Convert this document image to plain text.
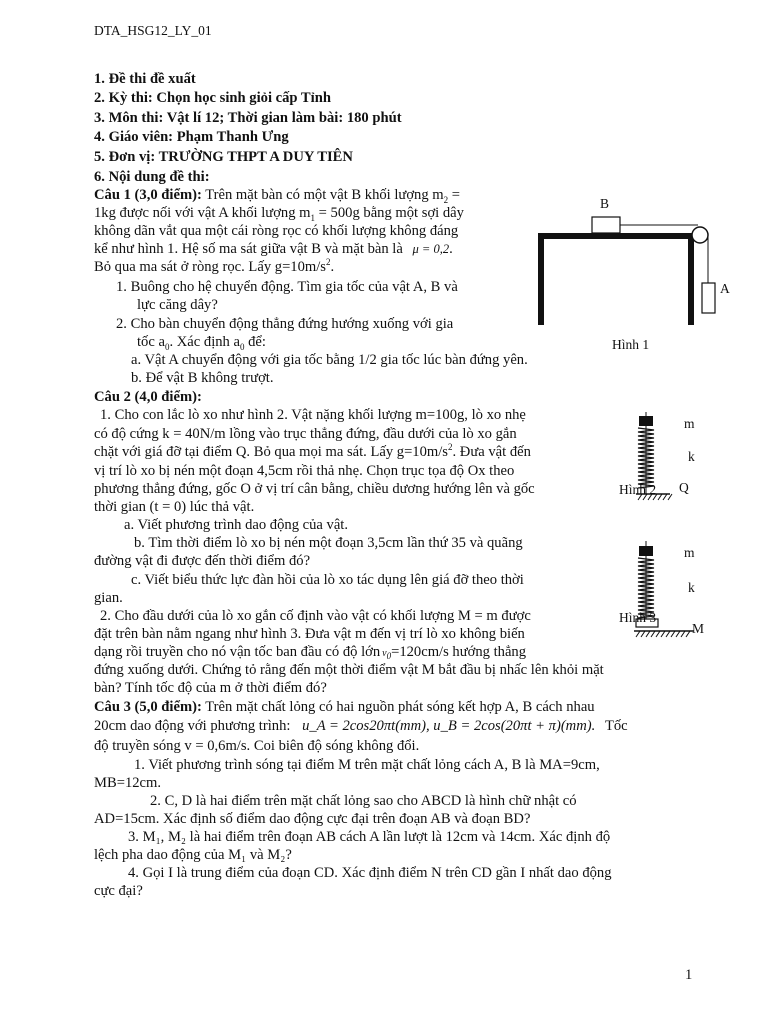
DTA_HSG12_LY_01
1. Đề thi đề xuất
2. Kỳ thi: Chọn học sinh giỏi cấp Tỉnh
3. Môn thi: Vật lí 12; Thời gian làm bài: 180 phút
4. Giáo viên: Phạm Thanh Ưng
5. Đơn vị: TRƯỜNG THPT A DUY TIÊN
6. Nội dung đề thi:
Câu 1 (3,0 điểm): Trên mặt bàn có một vật B khối lượng $m_2$ =
1kg được nối với vật A khối lượng $m_1 = 500g$ bằng một sợi dây
không dãn vắt qua một cái ròng rọc có khối lượng không đáng
kể như hình 1. Hệ số ma sát giữa vật B và mặt bàn là μ = 0,2.
Bỏ qua ma sát ở ròng rọc. Lấy $g=10m/s^2$.
1. Buông cho hệ chuyển động. Tìm gia tốc của vật A, B và
lực căng dây?
2. Cho bàn chuyển động thẳng đứng hướng xuống với gia
tốc $a_0$. Xác định $a_0$ để:
a. Vật A chuyển động với gia tốc bằng 1/2 gia tốc lúc bàn đứng yên.
b. Để vật B không trượt.
B
A
Hình 1
Câu 2 (4,0 điểm):
1. Cho con lắc lò xo như hình 2. Vật nặng khối lượng m=100g, lò xo nhẹ
có độ cứng k = 40N/m lồng vào trục thẳng đứng, đầu dưới của lò xo gắn
chặt với giá đỡ tại điểm Q. Bỏ qua mọi ma sát. Lấy $g=10m/s^2$. Đưa vật đến
vị trí lò xo bị nén một đoạn 4,5cm rồi thả nhẹ. Chọn trục tọa độ Ox theo
phương thẳng đứng, gốc O ở vị trí cân bằng, chiều dương hướng lên và gốc
thời gian (t = 0) lúc thả vật.
a. Viết phương trình dao động của vật.
b. Tìm thời điểm lò xo bị nén một đoạn 3,5cm lần thứ 35 và quãng
đường vật đi được đến thời điểm đó?
c. Viết biểu thức lực đàn hồi của lò xo tác dụng lên giá đỡ theo thời
gian.
2. Cho đầu dưới của lò xo gắn cố định vào vật có khối lượng M = m được
đặt trên bàn nằm ngang như hình 3. Đưa vật m đến vị trí lò xo không biến
dạng rồi truyền cho nó vận tốc ban đầu có độ lớn $v_0=120cm/s$ hướng thẳng
đứng xuống dưới. Chứng tỏ rằng đến một thời điểm vật M bắt đầu bị nhấc lên khỏi mặt
bàn? Tính tốc độ của m ở thời điểm đó?
m
k
Hình 2 Q
m
k
Hình 3
M
Câu 3 (5,0 điểm): Trên mặt chất lỏng có hai nguồn phát sóng kết hợp A, B cách nhau
20cm dao động với phương trình: u_A = 2cos20πt(mm), u_B = 2cos(20πt + π)(mm). Tốc
độ truyền sóng v = 0,6m/s. Coi biên độ sóng không đổi.
1. Viết phương trình sóng tại điểm M trên mặt chất lỏng cách A, B là MA=9cm,
MB=12cm.
2. C, D là hai điểm trên mặt chất lỏng sao cho ABCD là hình chữ nhật có
AD=15cm. Xác định số điểm dao động cực đại trên đoạn AB và đoạn BD?
3. M₁, M₂ là hai điểm trên đoạn AB cách A lần lượt là 12cm và 14cm. Xác định độ
lệch pha dao động của M₁ và M₂?
4. Gọi I là trung điểm của đoạn CD. Xác định điểm N trên CD gần I nhất dao động
cực đại?
1
